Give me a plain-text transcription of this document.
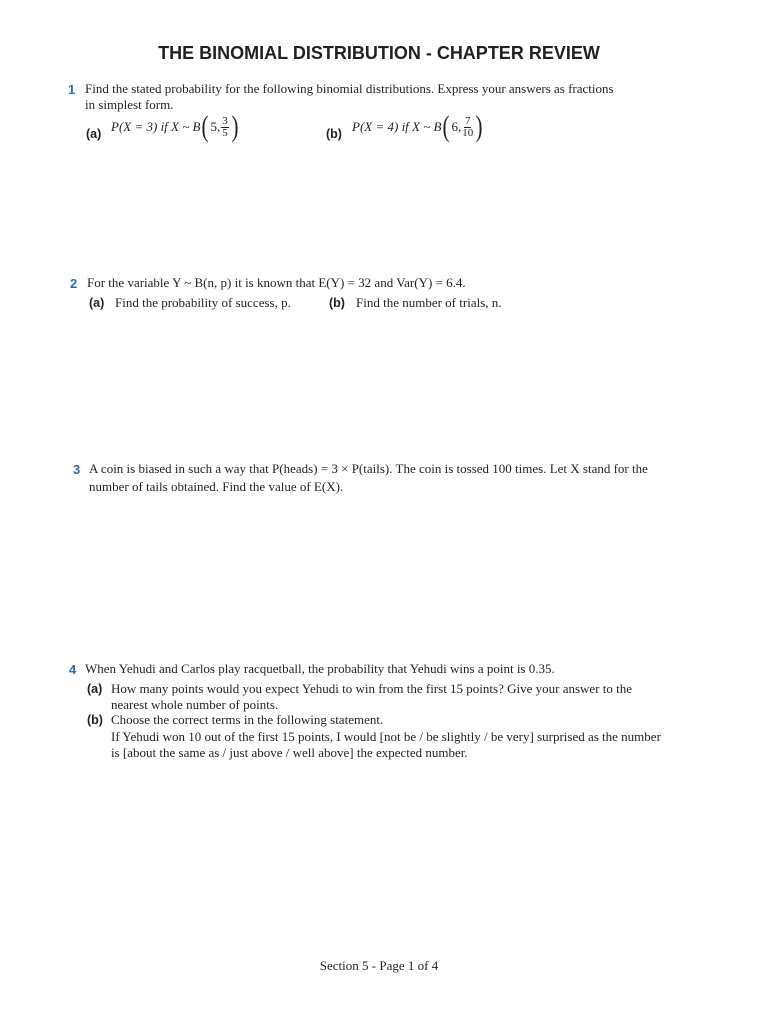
THE BINOMIAL DISTRIBUTION - CHAPTER REVIEW
1 Find the stated probability for the following binomial distributions. Express your answers as fractions
in simplest form.
(a) P(X = 3) if X ~ B ( 5, $\frac{3}{5}$ )	(b) P(X = 4) if X ~ B ( 6, $\frac{7}{10}$ )
2 For the variable Y ~ B(n, p) it is known that E(Y) = 32 and Var(Y) = 6.4.
(a) Find the probability of success, p.	(b) Find the number of trials, n.
3 A coin is biased in such a way that P(heads) = 3 × P(tails). The coin is tossed 100 times. Let X stand for the
number of tails obtained. Find the value of E(X).
4 When Yehudi and Carlos play racquetball, the probability that Yehudi wins a point is 0.35.
(a) How many points would you expect Yehudi to win from the first 15 points? Give your answer to the
nearest whole number of points.
(b) Choose the correct terms in the following statement.
If Yehudi won 10 out of the first 15 points, I would [not be / be slightly / be very] surprised as the number
is [about the same as / just above / well above] the expected number.
Section 5 - Page 1 of 4
